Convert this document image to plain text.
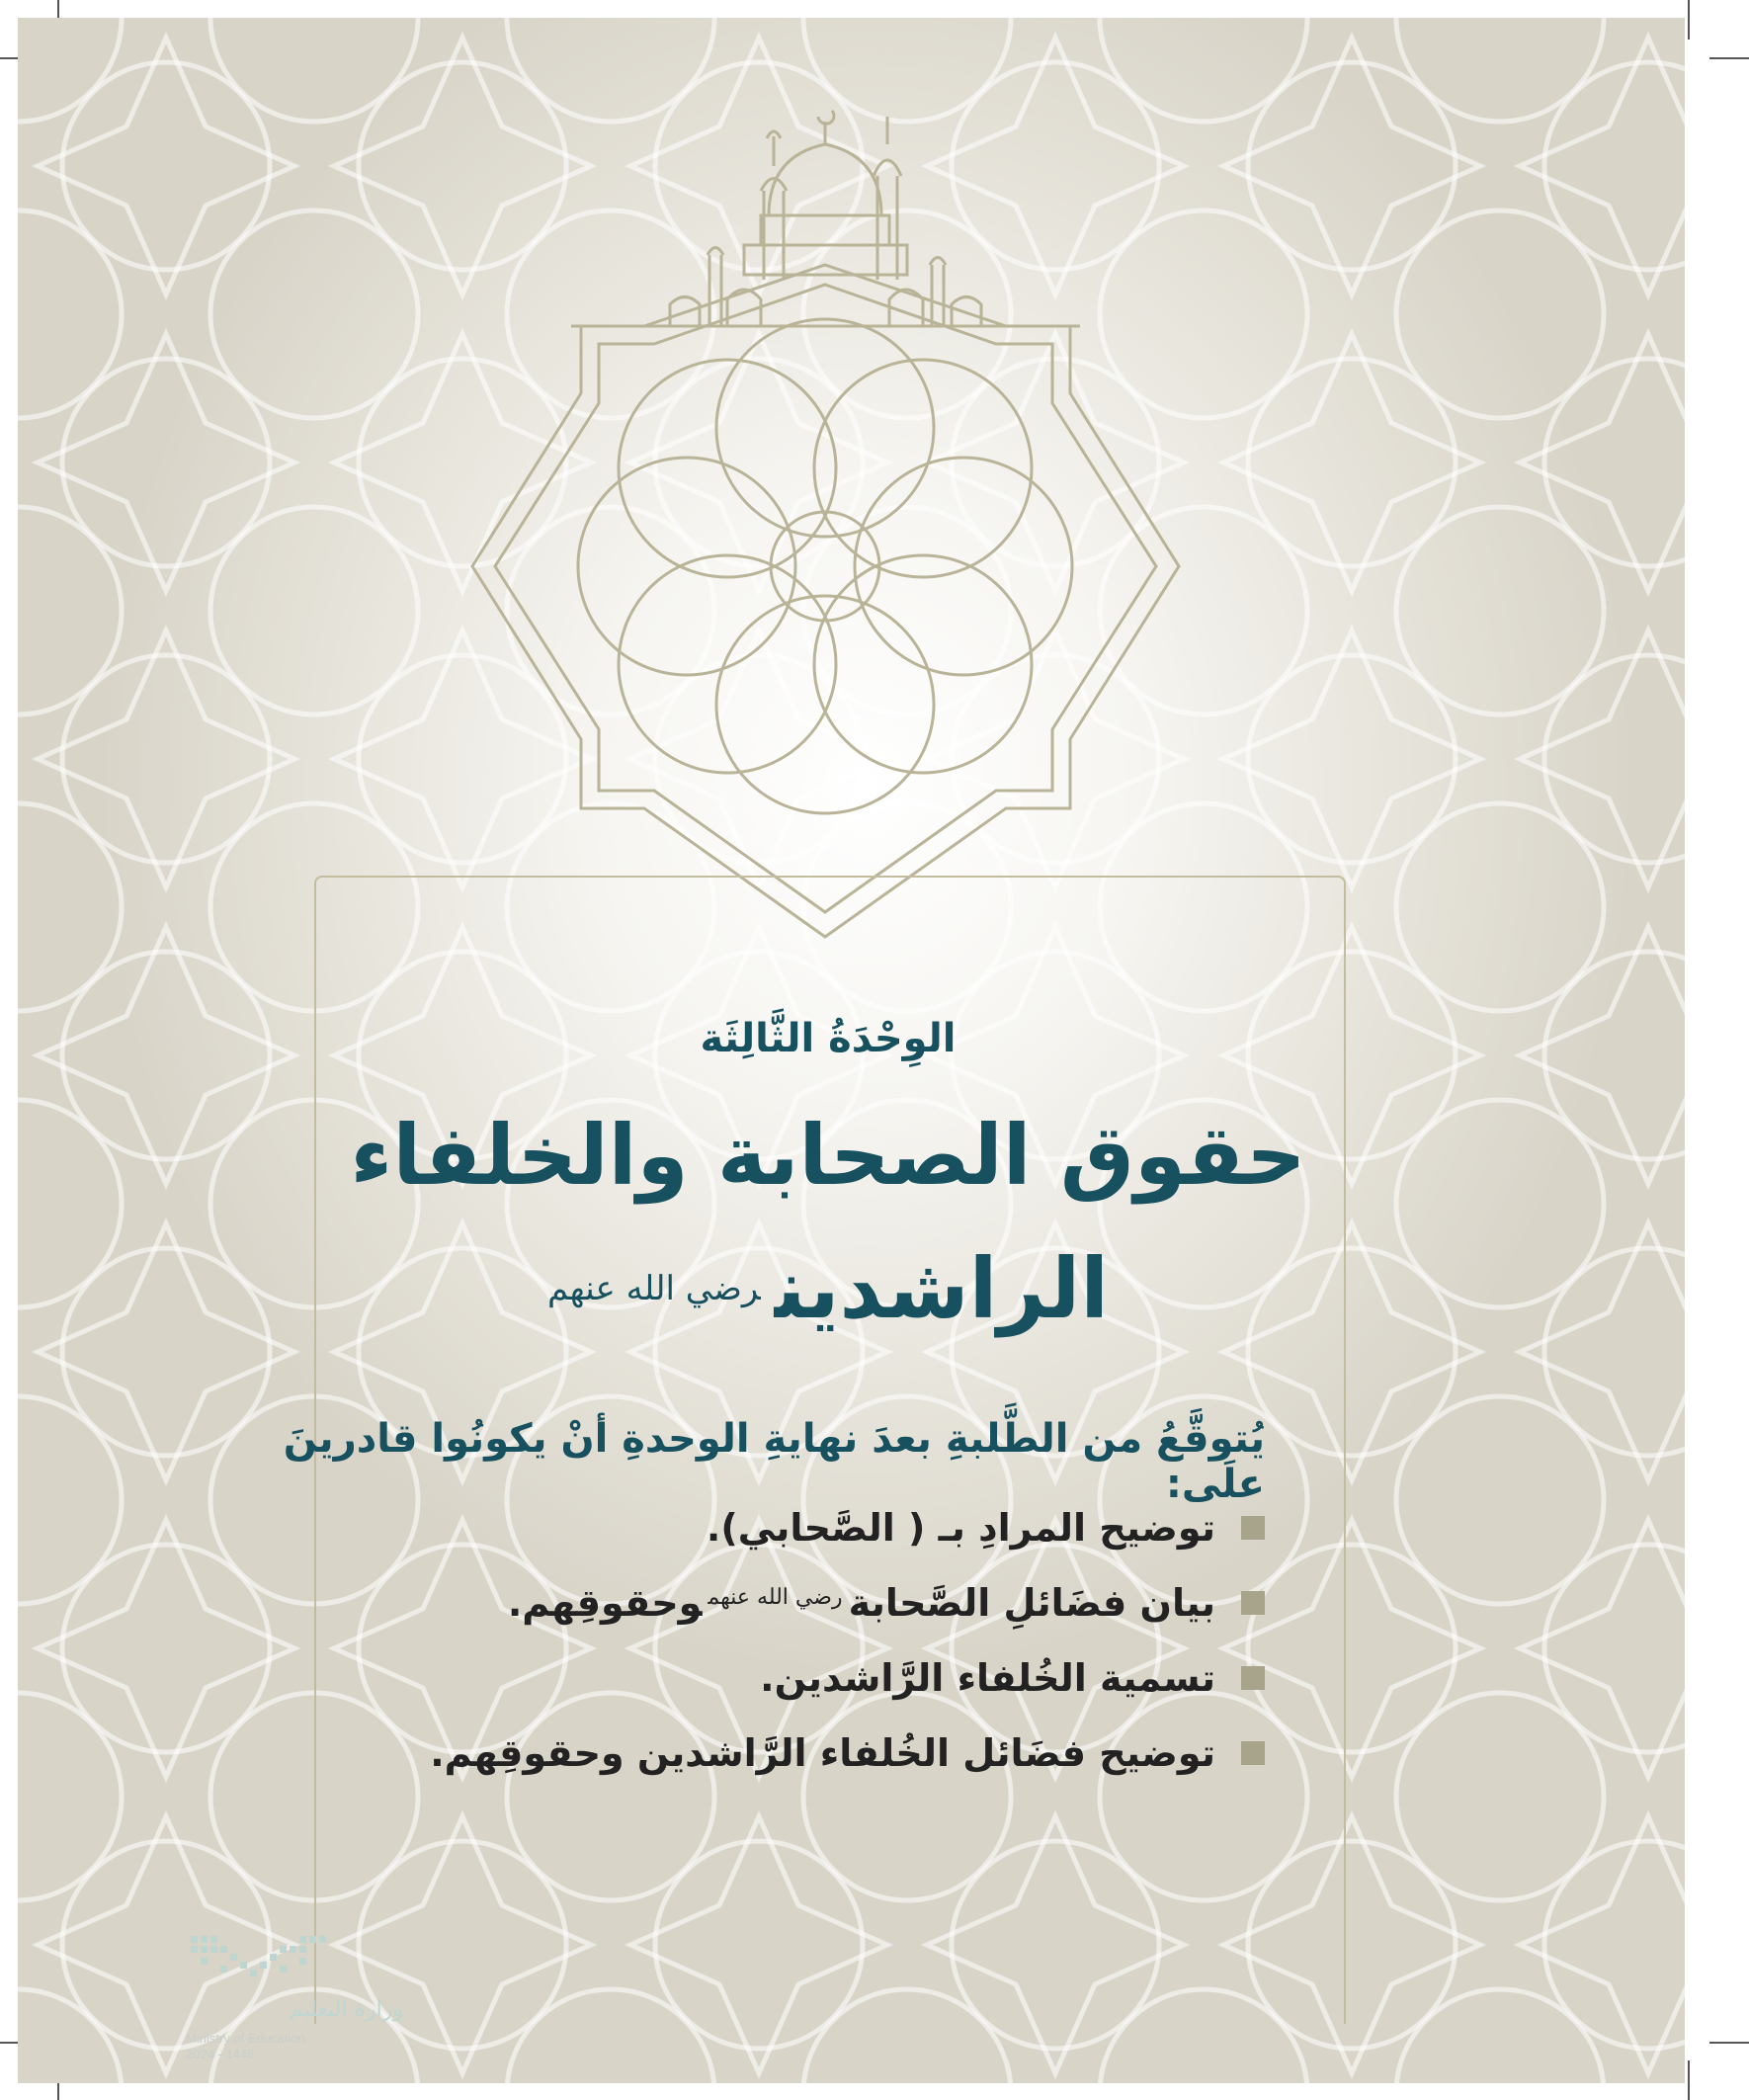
الوِحْدَةُ الثَّالِثَة
حقوق الصحابة والخلفاء
الراشدين$^{رضي الله عنهم}$
يُتوقَّعُ من الطَّلبةِ بعدَ نهايةِ الوحدةِ أنْ يكونُوا قادرينَ علَى:
توضيح المرادِ بـ ( الصَّحابي).
بيان فضَائلِ الصَّحابة$^{رضي الله عنهم}$وحقوقِهم.
تسمية الخُلفاء الرَّاشدين.
توضيح فضَائل الخُلفاء الرَّاشدين وحقوقِهم.
وزارة التعليم
Ministry of Education
2024 - 1446
